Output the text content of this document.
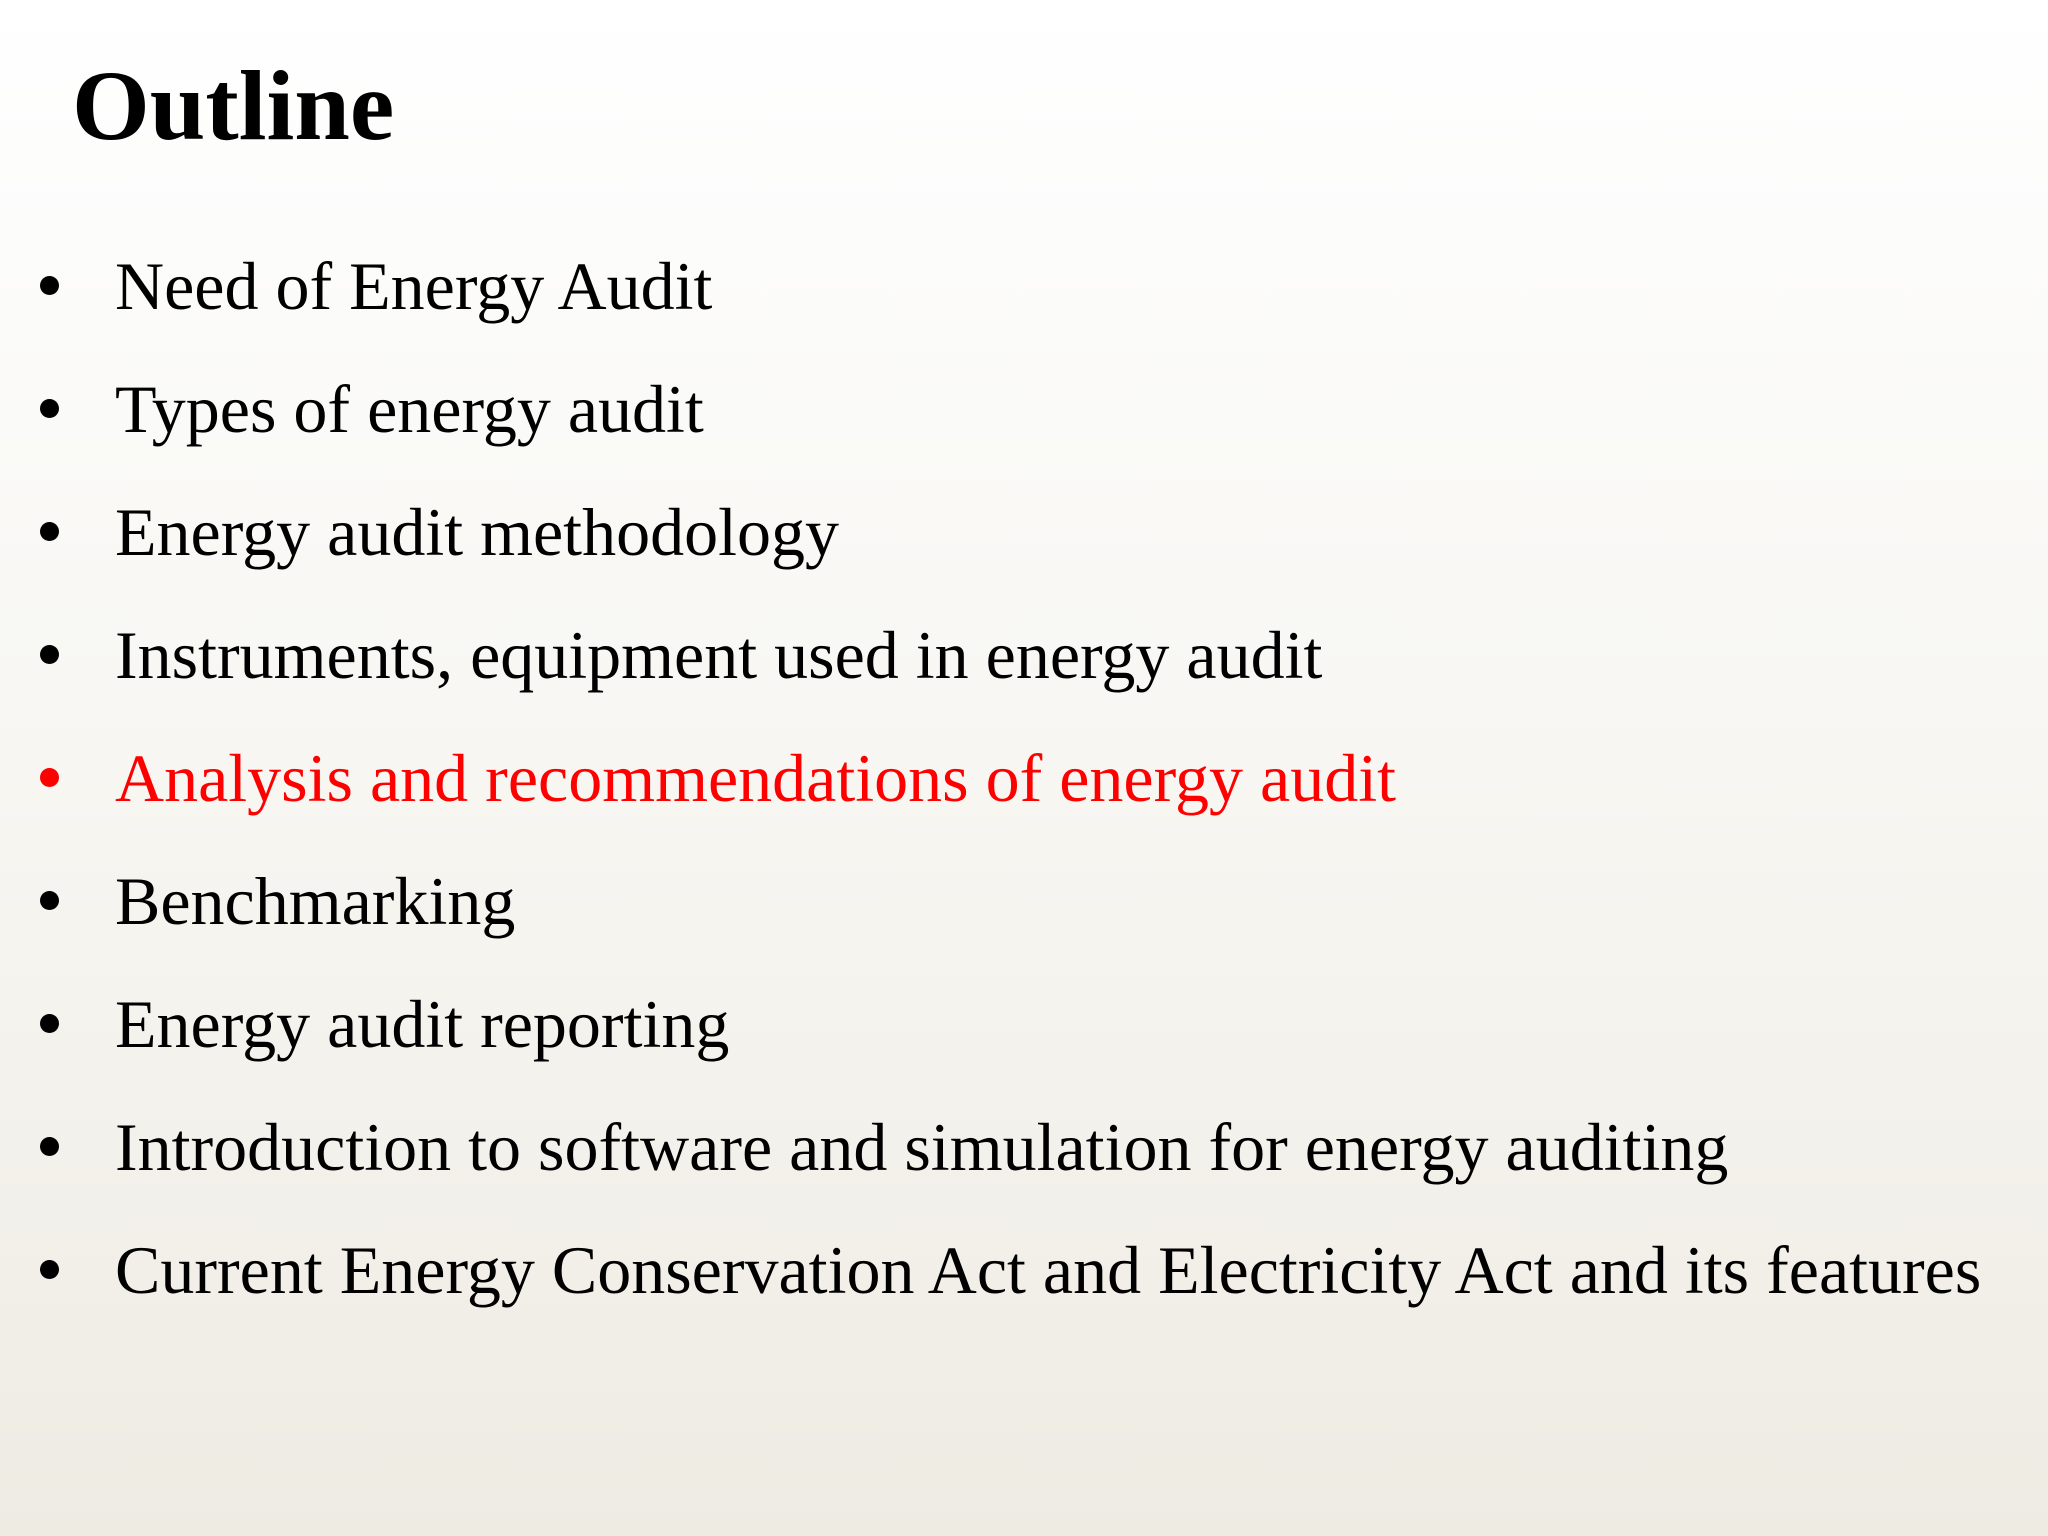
Outline
Need of Energy Audit
Types of energy audit
Energy audit methodology
Instruments, equipment used in energy audit
Analysis and recommendations of energy audit
Benchmarking
Energy audit reporting
Introduction to software and simulation for energy auditing
Current Energy Conservation Act and Electricity Act and its features
